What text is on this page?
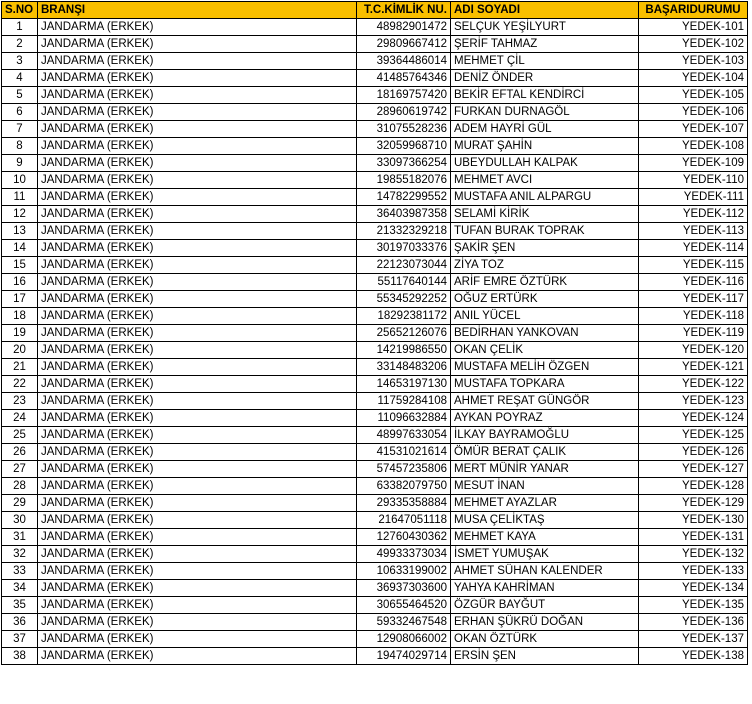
S.NO	BRANŞI	T.C.KİMLİK NU.	ADI SOYADI	BAŞARIDURUMU
1	JANDARMA (ERKEK)	48982901472	SELÇUK YEŞİLYURT	YEDEK-101
2	JANDARMA (ERKEK)	29809667412	ŞERİF TAHMAZ	YEDEK-102
3	JANDARMA (ERKEK)	39364486014	MEHMET ÇİL	YEDEK-103
4	JANDARMA (ERKEK)	41485764346	DENİZ ÖNDER	YEDEK-104
5	JANDARMA (ERKEK)	18169757420	BEKİR EFTAL KENDİRCİ	YEDEK-105
6	JANDARMA (ERKEK)	28960619742	FURKAN DURNAGÖL	YEDEK-106
7	JANDARMA (ERKEK)	31075528236	ADEM HAYRİ GÜL	YEDEK-107
8	JANDARMA (ERKEK)	32059968710	MURAT ŞAHİN	YEDEK-108
9	JANDARMA (ERKEK)	33097366254	UBEYDULLAH KALPAK	YEDEK-109
10	JANDARMA (ERKEK)	19855182076	MEHMET AVCI	YEDEK-110
11	JANDARMA (ERKEK)	14782299552	MUSTAFA ANIL ALPARGU	YEDEK-111
12	JANDARMA (ERKEK)	36403987358	SELAMİ KİRİK	YEDEK-112
13	JANDARMA (ERKEK)	21332329218	TUFAN BURAK TOPRAK	YEDEK-113
14	JANDARMA (ERKEK)	30197033376	ŞAKİR ŞEN	YEDEK-114
15	JANDARMA (ERKEK)	22123073044	ZİYA TOZ	YEDEK-115
16	JANDARMA (ERKEK)	55117640144	ARİF EMRE ÖZTÜRK	YEDEK-116
17	JANDARMA (ERKEK)	55345292252	OĞUZ ERTÜRK	YEDEK-117
18	JANDARMA (ERKEK)	18292381172	ANIL YÜCEL	YEDEK-118
19	JANDARMA (ERKEK)	25652126076	BEDİRHAN YANKOVAN	YEDEK-119
20	JANDARMA (ERKEK)	14219986550	OKAN ÇELİK	YEDEK-120
21	JANDARMA (ERKEK)	33148483206	MUSTAFA MELİH ÖZGEN	YEDEK-121
22	JANDARMA (ERKEK)	14653197130	MUSTAFA TOPKARA	YEDEK-122
23	JANDARMA (ERKEK)	11759284108	AHMET REŞAT GÜNGÖR	YEDEK-123
24	JANDARMA (ERKEK)	11096632884	AYKAN POYRAZ	YEDEK-124
25	JANDARMA (ERKEK)	48997633054	İLKAY BAYRAMOĞLU	YEDEK-125
26	JANDARMA (ERKEK)	41531021614	ÖMÜR BERAT ÇALIK	YEDEK-126
27	JANDARMA (ERKEK)	57457235806	MERT MÜNİR YANAR	YEDEK-127
28	JANDARMA (ERKEK)	63382079750	MESUT İNAN	YEDEK-128
29	JANDARMA (ERKEK)	29335358884	MEHMET AYAZLAR	YEDEK-129
30	JANDARMA (ERKEK)	21647051118	MUSA ÇELİKTAŞ	YEDEK-130
31	JANDARMA (ERKEK)	12760430362	MEHMET KAYA	YEDEK-131
32	JANDARMA (ERKEK)	49933373034	İSMET YUMUŞAK	YEDEK-132
33	JANDARMA (ERKEK)	10633199002	AHMET SÜHAN KALENDER	YEDEK-133
34	JANDARMA (ERKEK)	36937303600	YAHYA KAHRİMAN	YEDEK-134
35	JANDARMA (ERKEK)	30655464520	ÖZGÜR BAYĞUT	YEDEK-135
36	JANDARMA (ERKEK)	59332467548	ERHAN ŞÜKRÜ DOĞAN	YEDEK-136
37	JANDARMA (ERKEK)	12908066002	OKAN ÖZTÜRK	YEDEK-137
38	JANDARMA (ERKEK)	19474029714	ERSİN ŞEN	YEDEK-138
